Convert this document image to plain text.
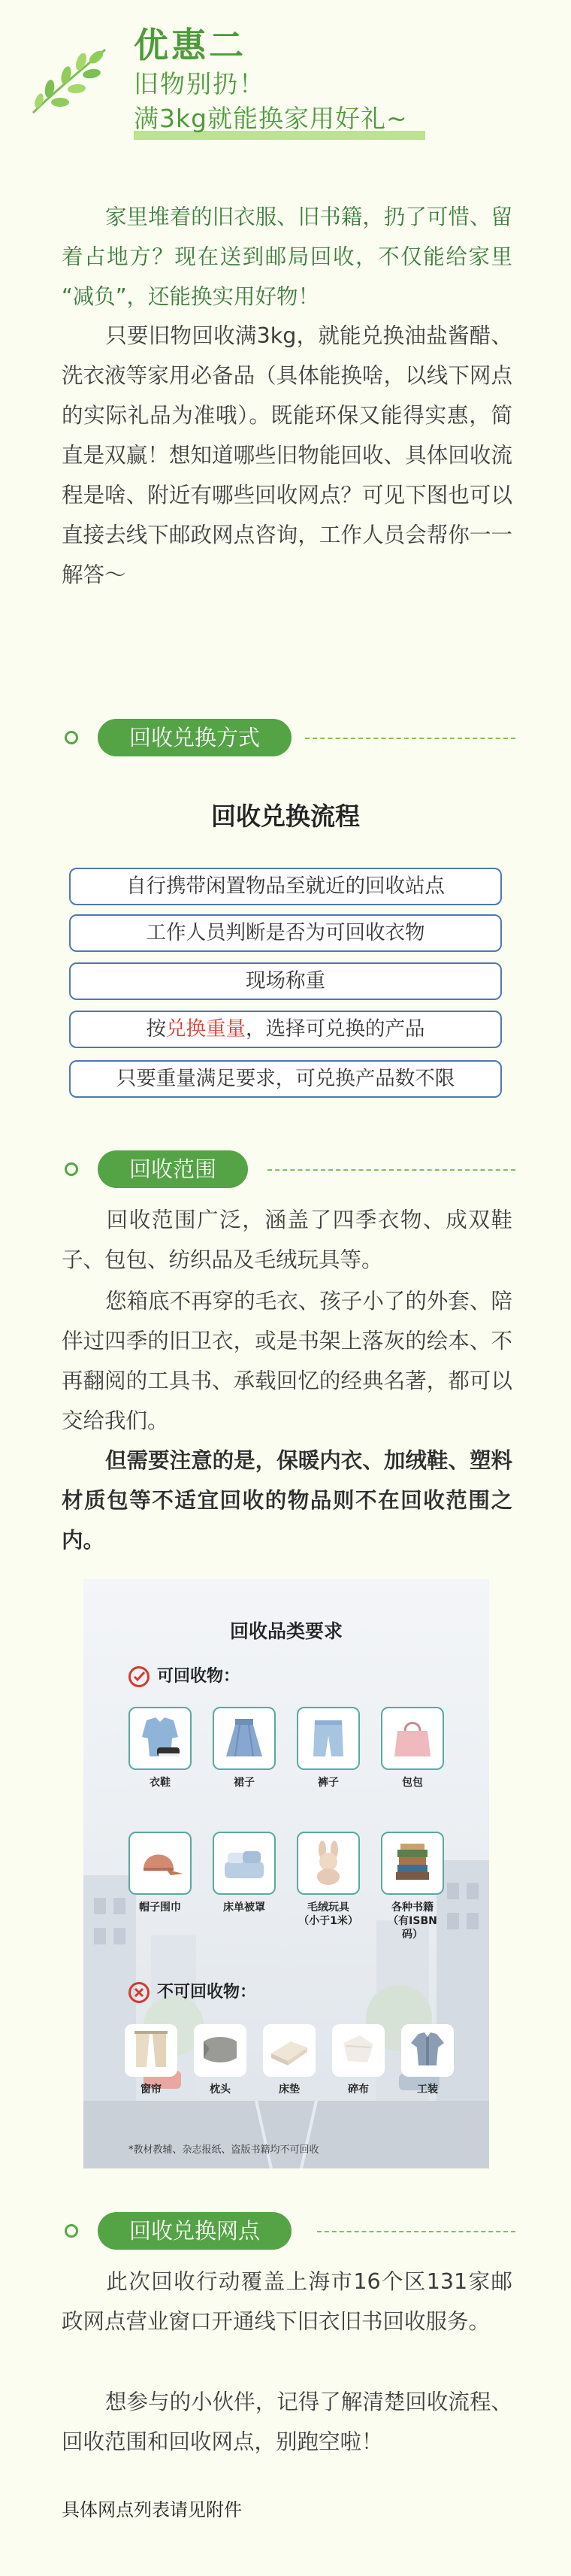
优惠二
旧物别扔！
满3kg就能换家用好礼~
家里堆着的旧衣服、旧书籍，扔了可惜、留着占地方？现在送到邮局回收，不仅能给家里 “减负”，还能换实用好物！
只要旧物回收满3kg，就能兑换油盐酱醋、洗衣液等家用必备品（具体能换啥，以线下网点的实际礼品为准哦）。既能环保又能得实惠，简直是双赢！想知道哪些旧物能回收、具体回收流程是啥、附近有哪些回收网点？可见下图也可以直接去线下邮政网点咨询，工作人员会帮你一一解答～
回收兑换方式
回收兑换流程
自行携带闲置物品至就近的回收站点
工作人员判断是否为可回收衣物
现场称重
按兑换重量，选择可兑换的产品
只要重量满足要求，可兑换产品数不限
回收范围
回收范围广泛，涵盖了四季衣物、成双鞋子、包包、纺织品及毛绒玩具等。
您箱底不再穿的毛衣、孩子小了的外套、陪伴过四季的旧卫衣，或是书架上落灰的绘本、不再翻阅的工具书、承载回忆的经典名著，都可以交给我们。
但需要注意的是，保暖内衣、加绒鞋、塑料材质包等不适宜回收的物品则不在回收范围之内。
回收品类要求
可回收物：
衣鞋	裙子	裤子	包包
帽子围巾	床单被罩	毛绒玩具
（小于1米）
各种书籍
（有ISBN码）
不可回收物：
窗帘	枕头	床垫	碎布	工装
*教材教辅、杂志报纸、盗版书籍均不可回收
回收兑换网点
此次回收行动覆盖上海市16个区131家邮政网点营业窗口开通线下旧衣旧书回收服务。
想参与的小伙伴，记得了解清楚回收流程、回收范围和回收网点，别跑空啦！
具体网点列表请见附件
